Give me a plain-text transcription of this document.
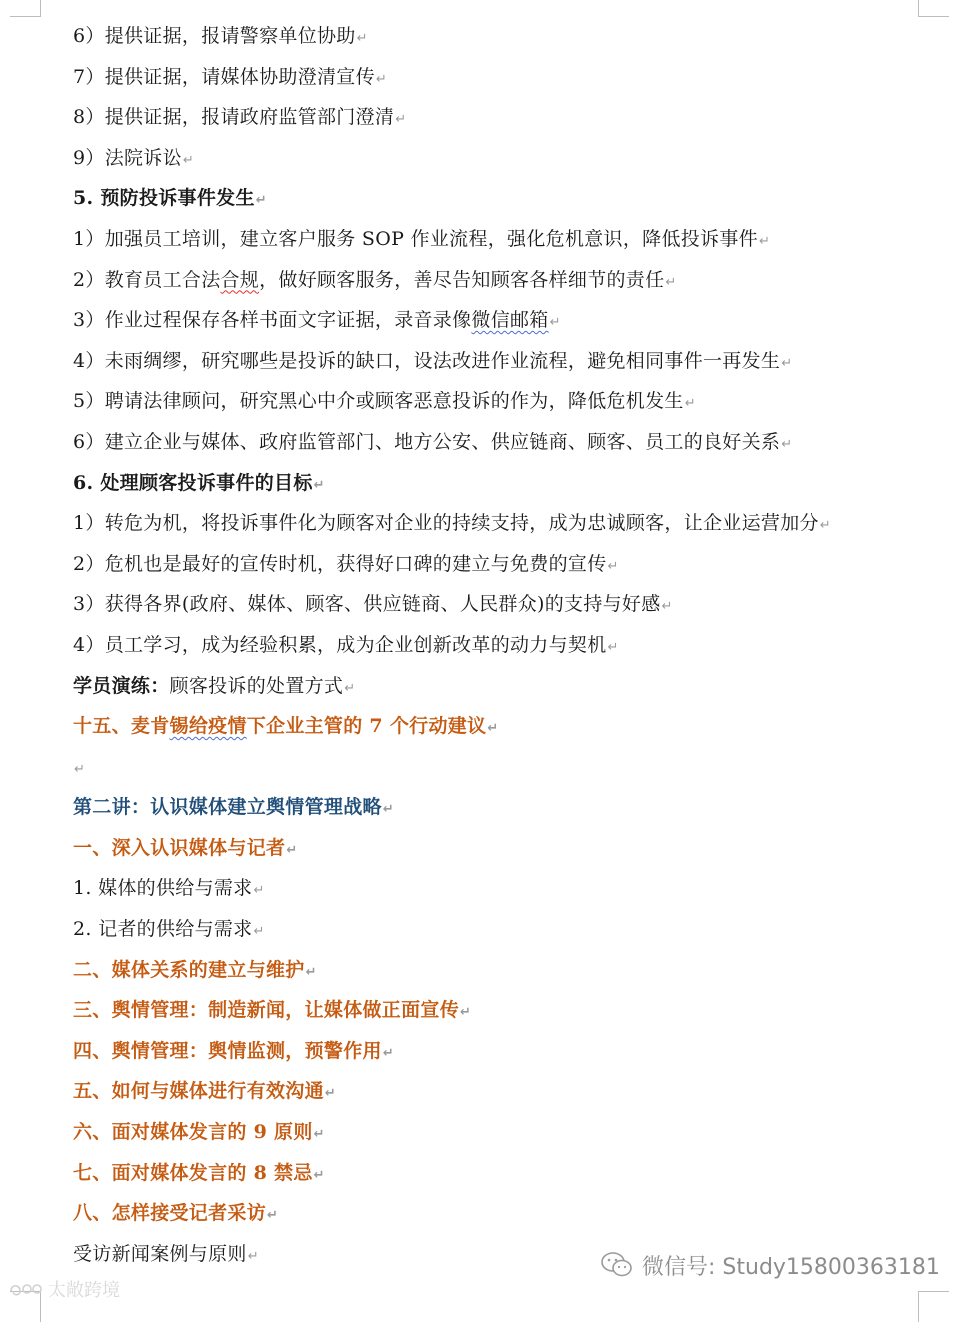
6）提供证据，报请警察单位协助↵
7）提供证据，请媒体协助澄清宣传↵
8）提供证据，报请政府监管部门澄清↵
9）法院诉讼↵
5. 预防投诉事件发生↵
1）加强员工培训，建立客户服务 SOP 作业流程，强化危机意识，降低投诉事件↵
2）教育员工合法合规，做好顾客服务，善尽告知顾客各样细节的责任↵
3）作业过程保存各样书面文字证据，录音录像微信邮箱↵
4）未雨绸缪，研究哪些是投诉的缺口，设法改进作业流程，避免相同事件一再发生↵
5）聘请法律顾问，研究黑心中介或顾客恶意投诉的作为，降低危机发生↵
6）建立企业与媒体、政府监管部门、地方公安、供应链商、顾客、员工的良好关系↵
6. 处理顾客投诉事件的目标↵
1）转危为机，将投诉事件化为顾客对企业的持续支持，成为忠诚顾客，让企业运营加分↵
2）危机也是最好的宣传时机，获得好口碑的建立与免费的宣传↵
3）获得各界(政府、媒体、顾客、供应链商、人民群众)的支持与好感↵
4）员工学习，成为经验积累，成为企业创新改革的动力与契机↵
学员演练：顾客投诉的处置方式↵
十五、麦肯锡给疫情下企业主管的 7 个行动建议↵
↵
第二讲：认识媒体建立舆情管理战略↵
一、深入认识媒体与记者↵
1. 媒体的供给与需求↵
2. 记者的供给与需求↵
二、媒体关系的建立与维护↵
三、舆情管理：制造新闻，让媒体做正面宣传↵
四、舆情管理：舆情监测，预警作用↵
五、如何与媒体进行有效沟通↵
六、面对媒体发言的 9 原则↵
七、面对媒体发言的 8 禁忌↵
八、怎样接受记者采访↵
受访新闻案例与原则↵	微信号: Study15800363181
太敞跨境
